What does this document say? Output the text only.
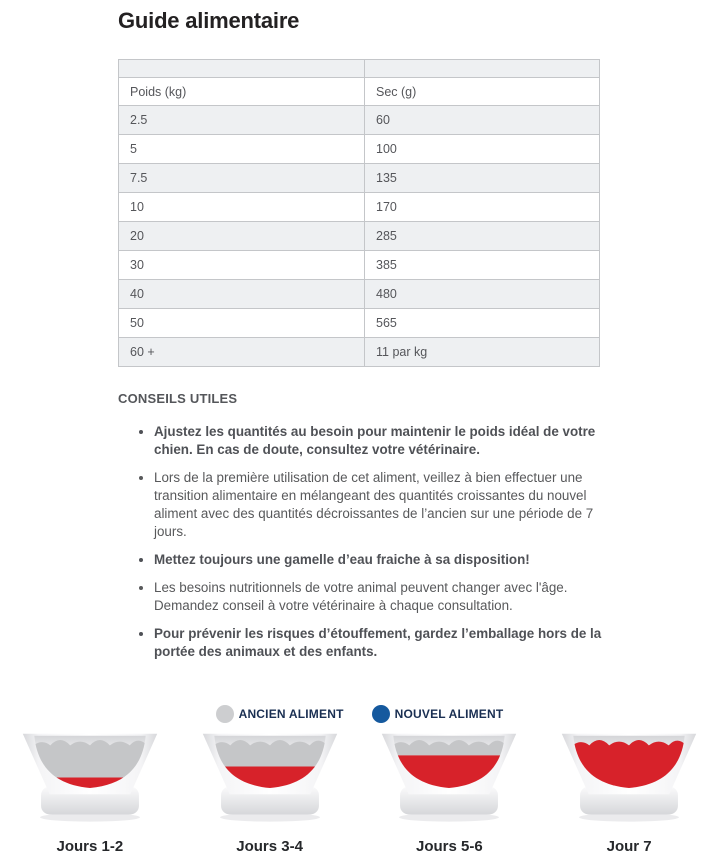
Guide alimentaire

Poids (kg)	Sec (g)
2.5	60
5	100
7.5	135
10	170
20	285
30	385
40	480
50	565
60 +	11 par kg
CONSEILS UTILES
• Ajustez les quantités au besoin pour maintenir le poids idéal de votre chien. En cas de doute, consultez votre vétérinaire.
• Lors de la première utilisation de cet aliment, veillez à bien effectuer une transition alimentaire en mélangeant des quantités croissantes du nouvel aliment avec des quantités décroissantes de l’ancien sur une période de 7 jours.
• Mettez toujours une gamelle d’eau fraiche à sa disposition!
• Les besoins nutritionnels de votre animal peuvent changer avec l'âge. Demandez conseil à votre vétérinaire à chaque consultation.
• Pour prévenir les risques d’étouffement, gardez l’emballage hors de la portée des animaux et des enfants.
ANCIEN ALIMENT	NOUVEL ALIMENT
Jours 1-2	Jours 3-4	Jours 5-6	Jour 7
